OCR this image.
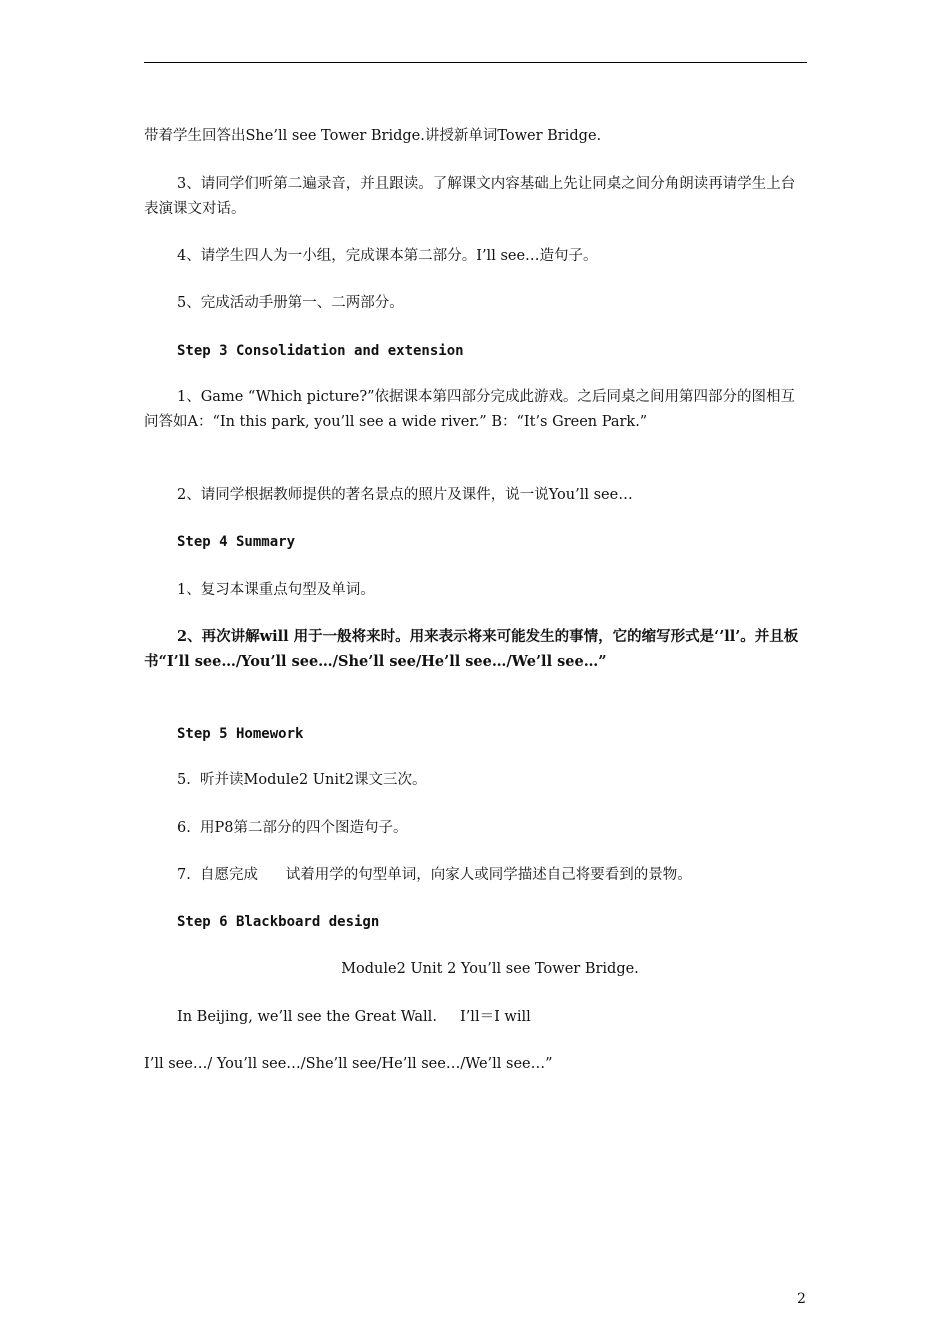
带着学生回答出She’ll see Tower Bridge.讲授新单词Tower Bridge.
3、请同学们听第二遍录音，并且跟读。了解课文内容基础上先让同桌之间分角朗读再请学生上台表演课文对话。
4、请学生四人为一小组，完成课本第二部分。I’ll see…造句子。
5、完成活动手册第一、二两部分。
Step 3 Consolidation and extension
1、Game “Which picture?”依据课本第四部分完成此游戏。之后同桌之间用第四部分的图相互问答如A：“In this park, you’ll see a wide river.” B：“It’s Green Park.”
2、请同学根据教师提供的著名景点的照片及课件，说一说You’ll see…
Step 4 Summary
1、复习本课重点句型及单词。
2、再次讲解will 用于一般将来时。用来表示将来可能发生的事情，它的缩写形式是‘’ll’。并且板书“I’ll see…/You’ll see…/She’ll see/He’ll see…/We’ll see…”
Step 5 Homework
5.  听并读Module2 Unit2课文三次。
6.  用P8第二部分的四个图造句子。
7.  自愿完成      试着用学的句型单词，向家人或同学描述自己将要看到的景物。
Step 6 Blackboard design
Module2 Unit 2 You’ll see Tower Bridge.
In Beijing, we’ll see the Great Wall.     I’ll＝I will
I’ll see…/ You’ll see…/She’ll see/He’ll see…/We’ll see…”
2
